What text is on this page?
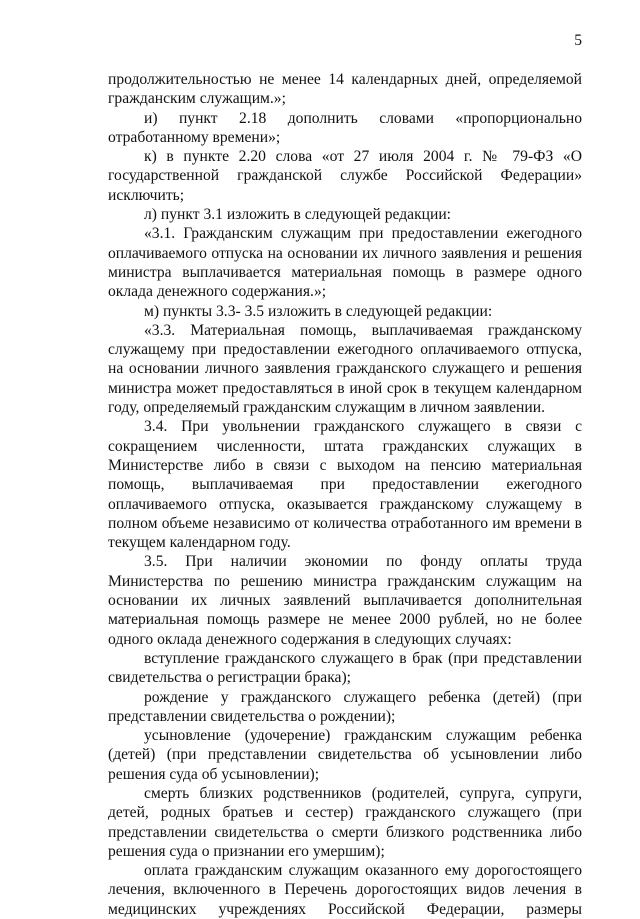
5

продолжительностью не менее 14 календарных дней, определяемой гражданским служащим.»;

и) пункт 2.18 дополнить словами «пропорционально отработанному времени»;

к) в пункте 2.20 слова «от 27 июля 2004 г. № 79-ФЗ «О государственной гражданской службе Российской Федерации» исключить;

л) пункт 3.1 изложить в следующей редакции:

«3.1. Гражданским служащим при предоставлении ежегодного оплачиваемого отпуска на основании их личного заявления и решения министра выплачивается материальная помощь в размере одного оклада денежного содержания.»;

м) пункты 3.3- 3.5 изложить в следующей редакции:

«3.3. Материальная помощь, выплачиваемая гражданскому служащему при предоставлении ежегодного оплачиваемого отпуска, на основании личного заявления гражданского служащего и решения министра может предоставляться в иной срок в текущем календарном году, определяемый гражданским служащим в личном заявлении.

3.4. При увольнении гражданского служащего в связи с сокращением численности, штата гражданских служащих в Министерстве либо в связи с выходом на пенсию материальная помощь, выплачиваемая при предоставлении ежегодного оплачиваемого отпуска, оказывается гражданскому служащему в полном объеме независимо от количества отработанного им времени в текущем календарном году.

3.5. При наличии экономии по фонду оплаты труда Министерства по решению министра гражданским служащим на основании их личных заявлений выплачивается дополнительная материальная помощь размере не менее 2000 рублей, но не более одного оклада денежного содержания в следующих случаях:

вступление гражданского служащего в брак (при представлении свидетельства о регистрации брака);

рождение у гражданского служащего ребенка (детей) (при представлении свидетельства о рождении);

усыновление (удочерение) гражданским служащим ребенка (детей) (при представлении свидетельства об усыновлении либо решения суда об усыновлении);

смерть близких родственников (родителей, супруга, супруги, детей, родных братьев и сестер) гражданского служащего (при представлении свидетельства о смерти близкого родственника либо решения суда о признании его умершим);

оплата гражданским служащим оказанного ему дорогостоящего лечения, включенного в Перечень дорогостоящих видов лечения в медицинских учреждениях Российской Федерации, размеры
